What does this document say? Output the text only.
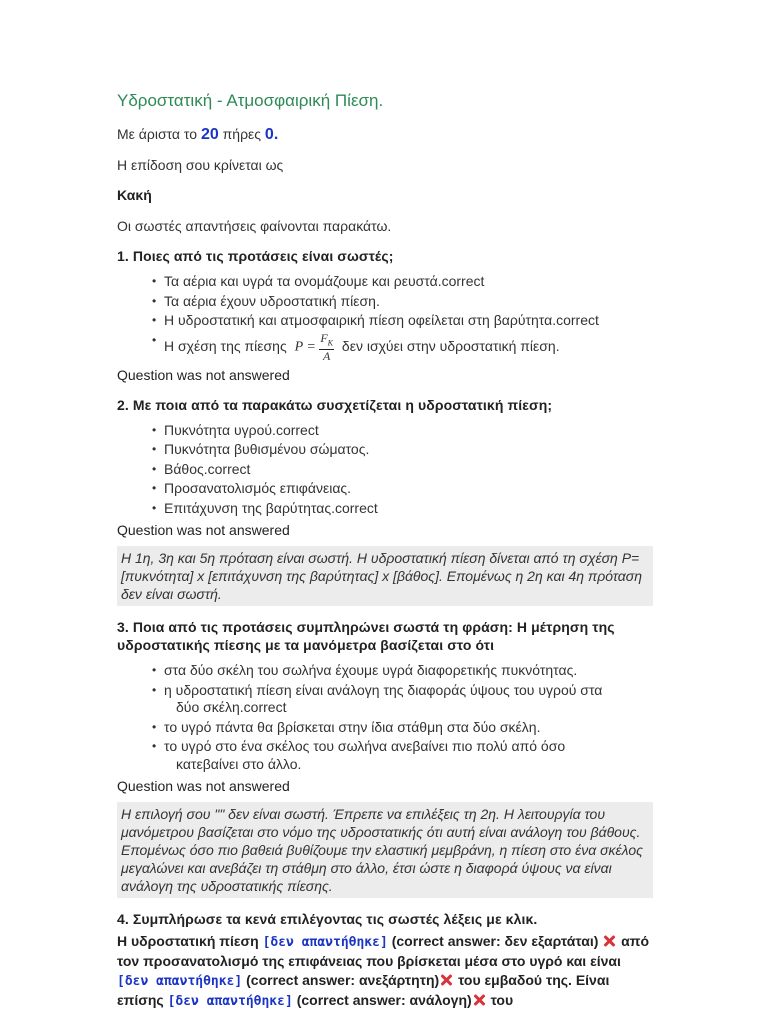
Υδροστατική - Ατμοσφαιρική Πίεση.
Με άριστα το 20 πήρες 0.
Η επίδοση σου κρίνεται ως
Κακή
Οι σωστές απαντήσεις φαίνονται παρακάτω.
1. Ποιες από τις προτάσεις είναι σωστές;
• Τα αέρια και υγρά τα ονομάζουμε και ρευστά.correct
• Τα αέρια έχουν υδροστατική πίεση.
• Η υδροστατική και ατμοσφαιρική πίεση οφείλεται στη βαρύτητα.correct
• Η σχέση της πίεσης $P = \frac{F_K}{A}$ δεν ισχύει στην υδροστατική πίεση.
Question was not answered
2. Με ποια από τα παρακάτω συσχετίζεται η υδροστατική πίεση;
• Πυκνότητα υγρού.correct
• Πυκνότητα βυθισμένου σώματος.
• Βάθος.correct
• Προσανατολισμός επιφάνειας.
• Επιτάχυνση της βαρύτητας.correct
Question was not answered
Η 1η, 3η και 5η πρόταση είναι σωστή. Η υδροστατική πίεση δίνεται από τη σχέση P=[πυκνότητα] x [επιτάχυνση της βαρύτητας] x [βάθος]. Επομένως η 2η και 4η πρόταση δεν είναι σωστή.
3. Ποια από τις προτάσεις συμπληρώνει σωστά τη φράση: Η μέτρηση της υδροστατικής πίεσης με τα μανόμετρα βασίζεται στο ότι
• στα δύο σκέλη του σωλήνα έχουμε υγρά διαφορετικής πυκνότητας.
• η υδροστατική πίεση είναι ανάλογη της διαφοράς ύψους του υγρού στα
δύο σκέλη.correct
• το υγρό πάντα θα βρίσκεται στην ίδια στάθμη στα δύο σκέλη.
• το υγρό στο ένα σκέλος του σωλήνα ανεβαίνει πιο πολύ από όσο
κατεβαίνει στο άλλο.
Question was not answered
Η επιλογή σου "" δεν είναι σωστή. Έπρεπε να επιλέξεις τη 2η. Η λειτουργία του μανόμετρου βασίζεται στο νόμο της υδροστατικής ότι αυτή είναι ανάλογη του βάθους. Επομένως όσο πιο βαθειά βυθίζουμε την ελαστική μεμβράνη, η πίεση στο ένα σκέλος μεγαλώνει και ανεβάζει τη στάθμη στο άλλο, έτσι ώστε η διαφορά ύψους να είναι ανάλογη της υδροστατικής πίεσης.
4. Συμπλήρωσε τα κενά επιλέγοντας τις σωστές λέξεις με κλικ.
Η υδροστατική πίεση [δεν απαντήθηκε] (correct answer: δεν εξαρτάται) από τον προσανατολισμό της επιφάνειας που βρίσκεται μέσα στο υγρό και είναι [δεν απαντήθηκε] (correct answer: ανεξάρτητη) του εμβαδού της. Είναι επίσης [δεν απαντήθηκε] (correct answer: ανάλογη) του
